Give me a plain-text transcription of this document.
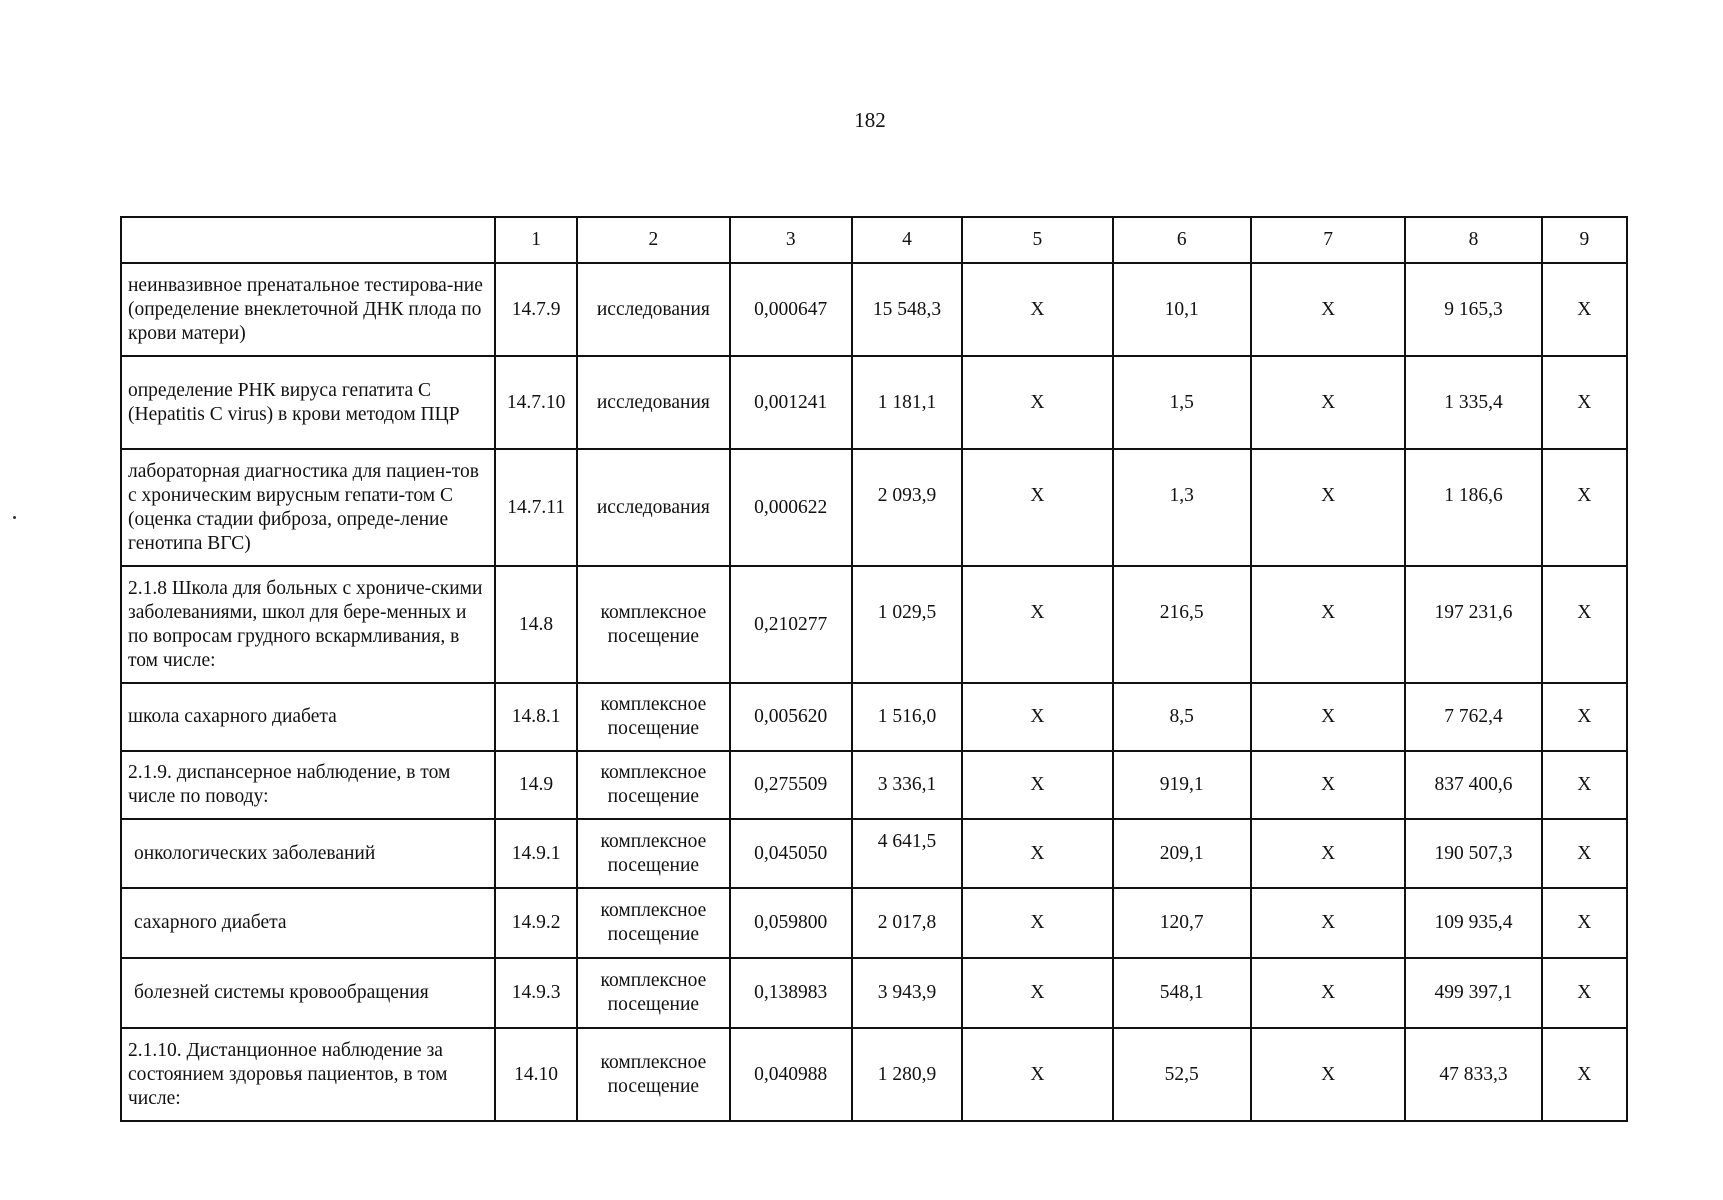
182
	1	2	3	4	5	6	7	8	9
неинвазивное пренатальное тестирова-ние (определение внеклеточной ДНК плода по крови матери)	14.7.9	исследования	0,000647	15 548,3	Х	10,1	Х	9 165,3	Х
определение РНК вируса гепатита С (Hepatitis С virus) в крови методом ПЦР	14.7.10	исследования	0,001241	1 181,1	Х	1,5	Х	1 335,4	Х
лабораторная диагностика для пациен-тов с хроническим вирусным гепати-том С (оценка стадии фиброза, опреде-ление генотипа ВГС)	14.7.11	исследования	0,000622	2 093,9	Х	1,3	Х	1 186,6	Х
2.1.8 Школа для больных с хрониче-скими заболеваниями, школ для бере-менных и по вопросам грудного вскармливания, в том числе:	14.8	комплексное посещение	0,210277	1 029,5	Х	216,5	Х	197 231,6	Х
школа сахарного диабета	14.8.1	комплексное посещение	0,005620	1 516,0	Х	8,5	Х	7 762,4	Х
2.1.9. диспансерное наблюдение, в том числе по поводу:	14.9	комплексное посещение	0,275509	3 336,1	Х	919,1	Х	837 400,6	Х
онкологических заболеваний	14.9.1	комплексное посещение	0,045050	4 641,5	Х	209,1	Х	190 507,3	Х
сахарного диабета	14.9.2	комплексное посещение	0,059800	2 017,8	Х	120,7	Х	109 935,4	Х
болезней системы кровообращения	14.9.3	комплексное посещение	0,138983	3 943,9	Х	548,1	Х	499 397,1	Х
2.1.10. Дистанционное наблюдение за состоянием здоровья пациентов, в том числе:	14.10	комплексное посещение	0,040988	1 280,9	Х	52,5	Х	47 833,3	Х
